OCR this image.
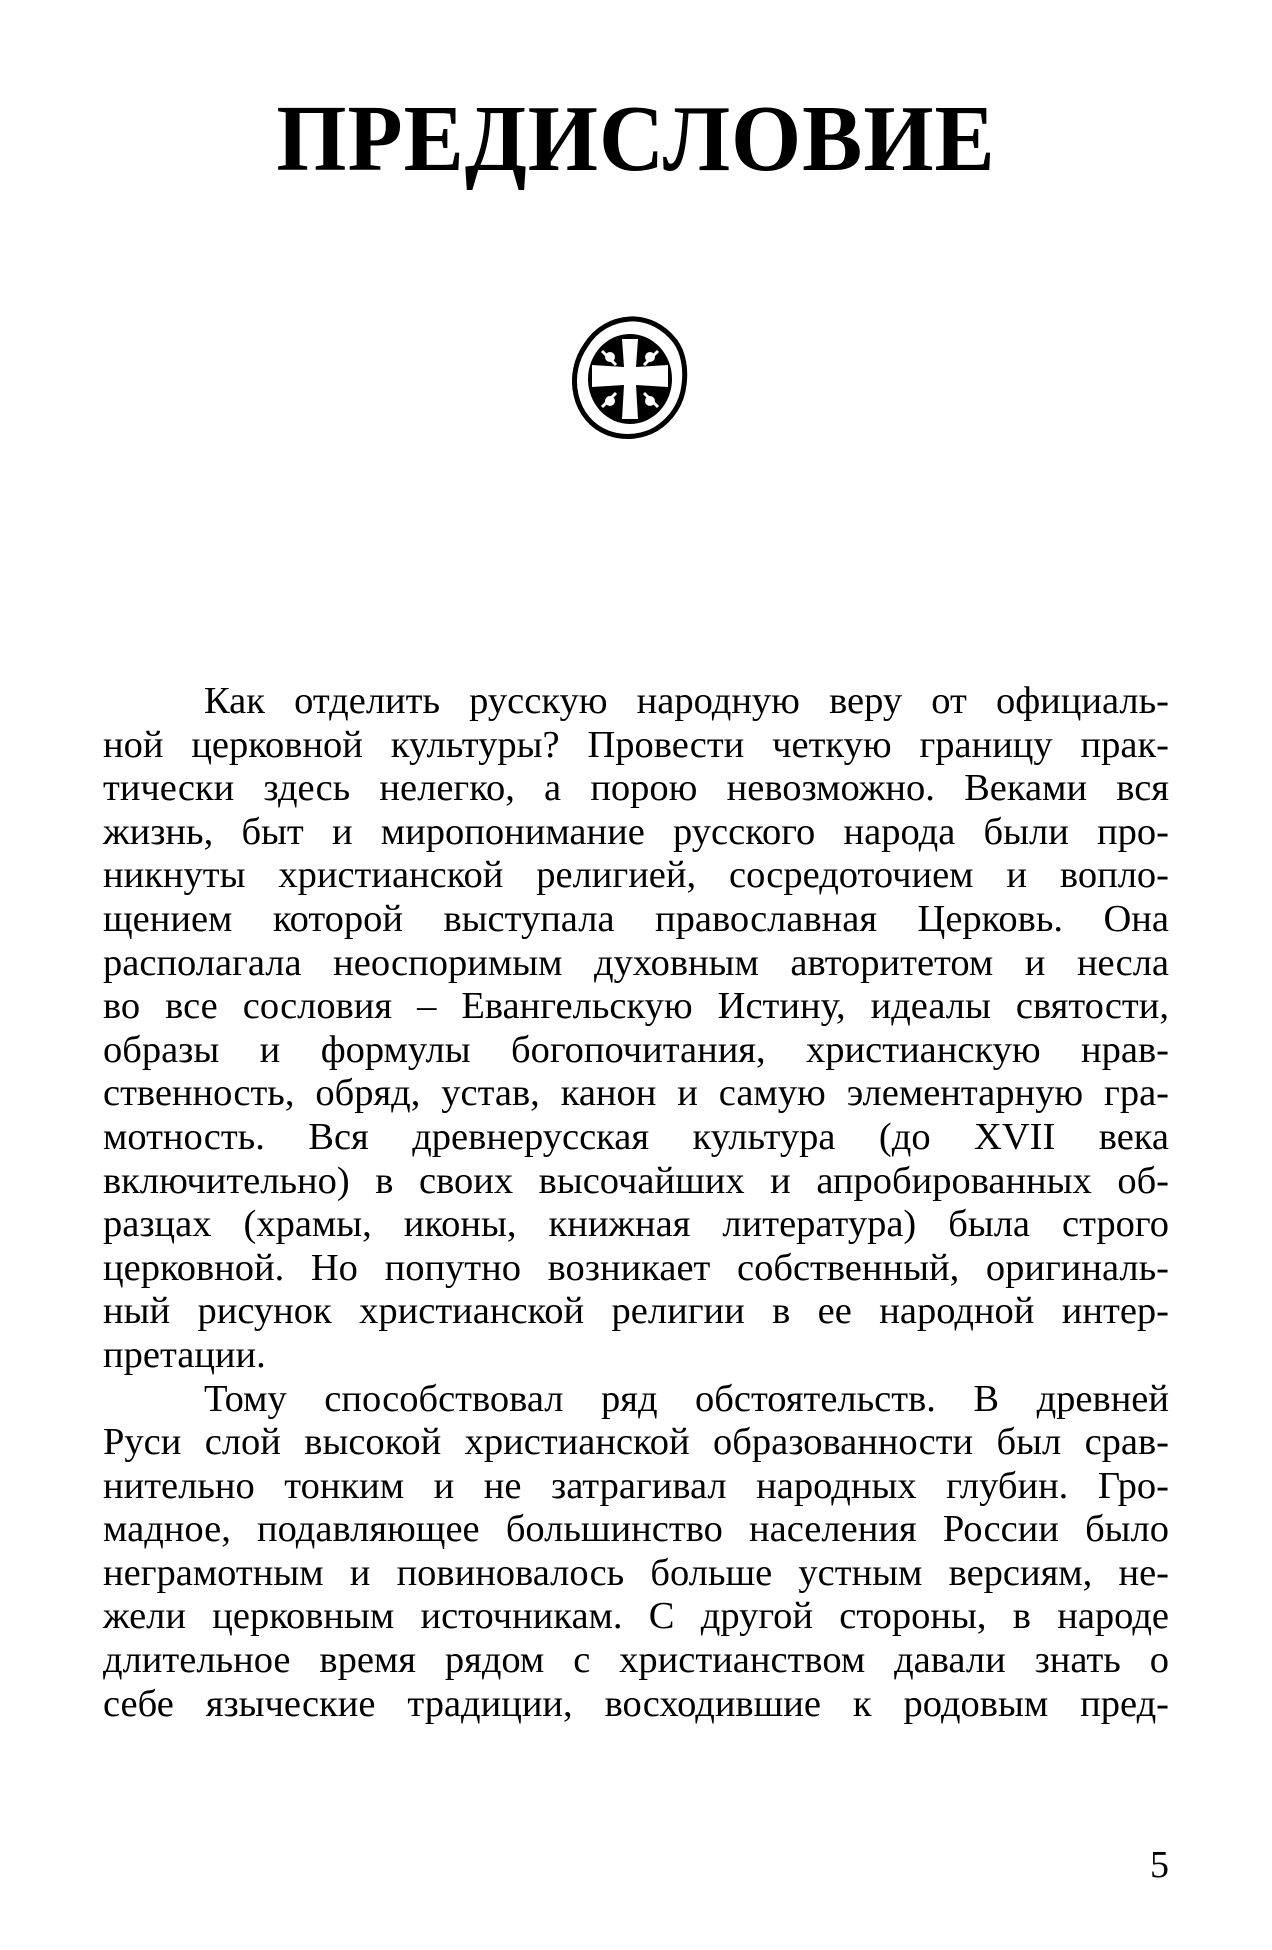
ПРЕДИСЛОВИЕ
Как отделить русскую народную веру от официаль-
ной церковной культуры? Провести четкую границу прак-
тически здесь нелегко, а порою невозможно. Веками вся
жизнь, быт и миропонимание русского народа были про-
никнуты христианской религией, сосредоточием и вопло-
щением которой выступала православная Церковь. Она
располагала неоспоримым духовным авторитетом и несла
во все сословия – Евангельскую Истину, идеалы святости,
образы и формулы богопочитания, христианскую нрав-
ственность, обряд, устав, канон и самую элементарную гра-
мотность. Вся древнерусская культура (до XVII века
включительно) в своих высочайших и апробированных об-
разцах (храмы, иконы, книжная литература) была строго
церковной. Но попутно возникает собственный, оригиналь-
ный рисунок христианской религии в ее народной интер-
претации.
Тому способствовал ряд обстоятельств. В древней
Руси слой высокой христианской образованности был срав-
нительно тонким и не затрагивал народных глубин. Гро-
мадное, подавляющее большинство населения России было
неграмотным и повиновалось больше устным версиям, не-
жели церковным источникам. С другой стороны, в народе
длительное время рядом с христианством давали знать о
себе языческие традиции, восходившие к родовым пред-
5
